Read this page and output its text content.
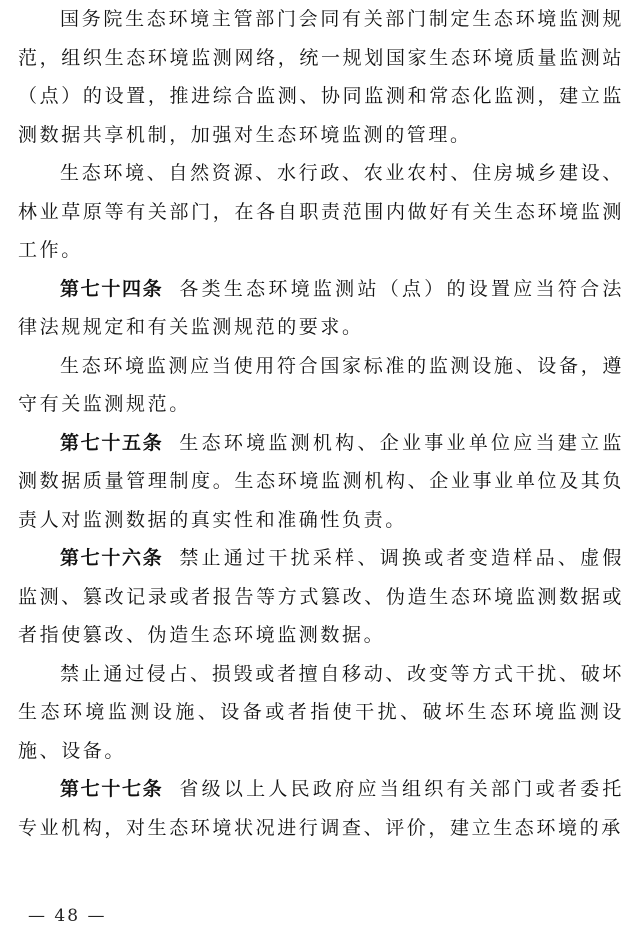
国务院生态环境主管部门会同有关部门制定生态环境监测规范，组织生态环境监测网络，统一规划国家生态环境质量监测站（点）的设置，推进综合监测、协同监测和常态化监测，建立监测数据共享机制，加强对生态环境监测的管理。

生态环境、自然资源、水行政、农业农村、住房城乡建设、林业草原等有关部门，在各自职责范围内做好有关生态环境监测工作。

第七十四条 各类生态环境监测站（点）的设置应当符合法律法规规定和有关监测规范的要求。

生态环境监测应当使用符合国家标准的监测设施、设备，遵守有关监测规范。

第七十五条 生态环境监测机构、企业事业单位应当建立监测数据质量管理制度。生态环境监测机构、企业事业单位及其负责人对监测数据的真实性和准确性负责。

第七十六条 禁止通过干扰采样、调换或者变造样品、虚假监测、篡改记录或者报告等方式篡改、伪造生态环境监测数据或者指使篡改、伪造生态环境监测数据。

禁止通过侵占、损毁或者擅自移动、改变等方式干扰、破坏生态环境监测设施、设备或者指使干扰、破坏生态环境监测设施、设备。

第七十七条 省级以上人民政府应当组织有关部门或者委托专业机构，对生态环境状况进行调查、评价，建立生态环境的承

— 48 —
